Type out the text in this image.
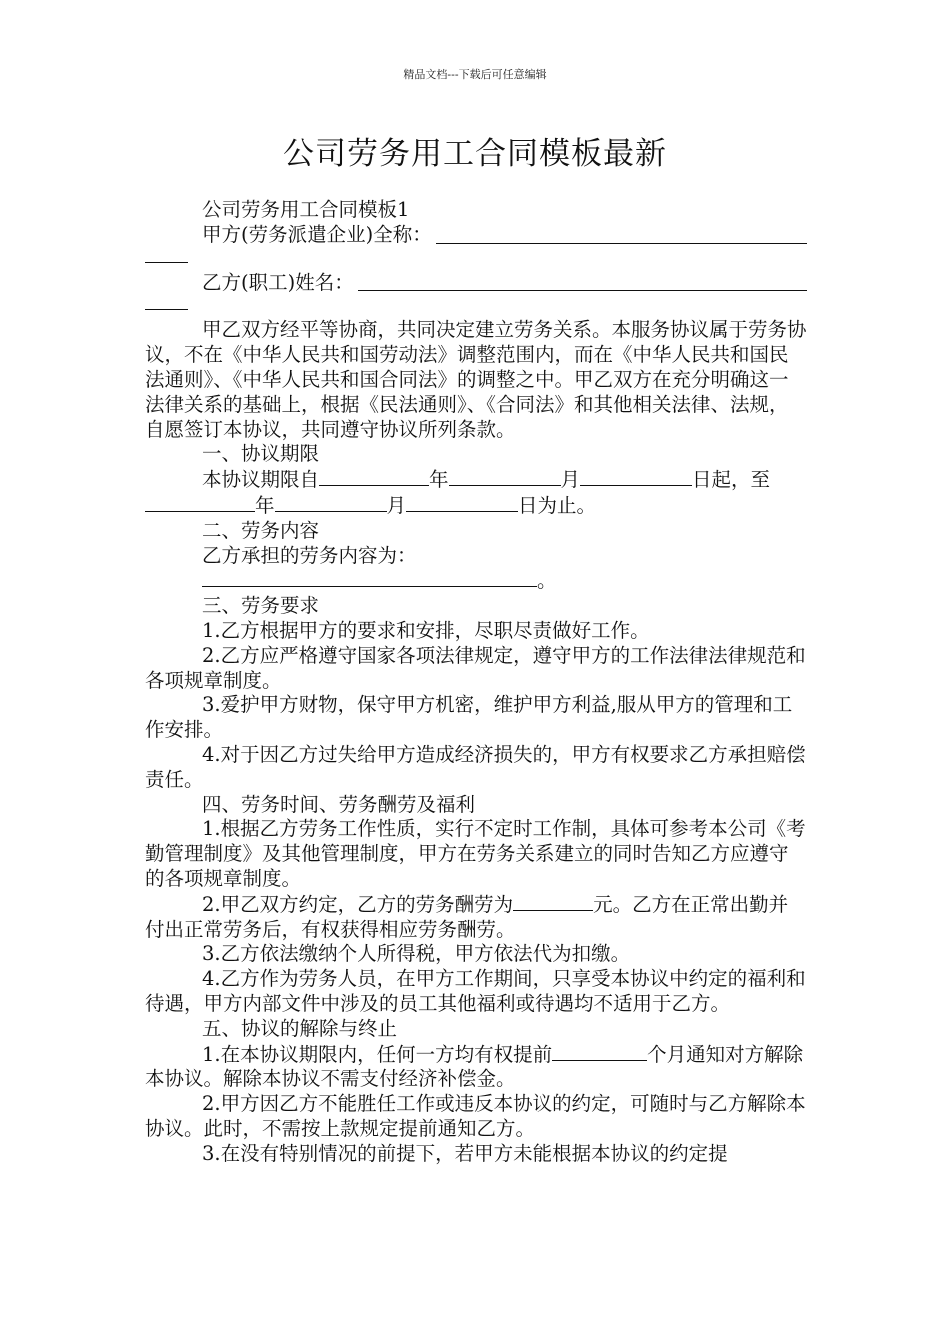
精品文档---下载后可任意编辑
公司劳务用工合同模板最新

公司劳务用工合同模板1

甲方(劳务派遣企业)全称：
乙方(职工)姓名：

甲乙双方经平等协商，共同决定建立劳务关系。本服务协议属于劳务协议，不在《中华人民共和国劳动法》调整范围内，而在《中华人民共和国民法通则》、《中华人民共和国合同法》的调整之中。甲乙双方在充分明确这一法律关系的基础上，根据《民法通则》、《合同法》和其他相关法律、法规，自愿签订本协议，共同遵守协议所列条款。

一、协议期限

本协议期限自	年	月	日起，至年	月	日为止。

二、劳务内容

乙方承担的劳务内容为：

。

三、劳务要求

1.乙方根据甲方的要求和安排，尽职尽责做好工作。

2.乙方应严格遵守国家各项法律规定，遵守甲方的工作法律法律规范和各项规章制度。

3.爱护甲方财物，保守甲方机密，维护甲方利益,服从甲方的管理和工作安排。

4.对于因乙方过失给甲方造成经济损失的，甲方有权要求乙方承担赔偿责任。

四、劳务时间、劳务酬劳及福利

1.根据乙方劳务工作性质，实行不定时工作制，具体可参考本公司《考勤管理制度》及其他管理制度，甲方在劳务关系建立的同时告知乙方应遵守的各项规章制度。

2.甲乙双方约定，乙方的劳务酬劳为	元。乙方在正常出勤并付出正常劳务后，有权获得相应劳务酬劳。

3.乙方依法缴纳个人所得税，甲方依法代为扣缴。

4.乙方作为劳务人员，在甲方工作期间，只享受本协议中约定的福利和待遇，甲方内部文件中涉及的员工其他福利或待遇均不适用于乙方。

五、协议的解除与终止

1.在本协议期限内，任何一方均有权提前	个月通知对方解除本协议。解除本协议不需支付经济补偿金。

2.甲方因乙方不能胜任工作或违反本协议的约定，可随时与乙方解除本协议。此时，不需按上款规定提前通知乙方。

3.在没有特别情况的前提下，若甲方未能根据本协议的约定提
